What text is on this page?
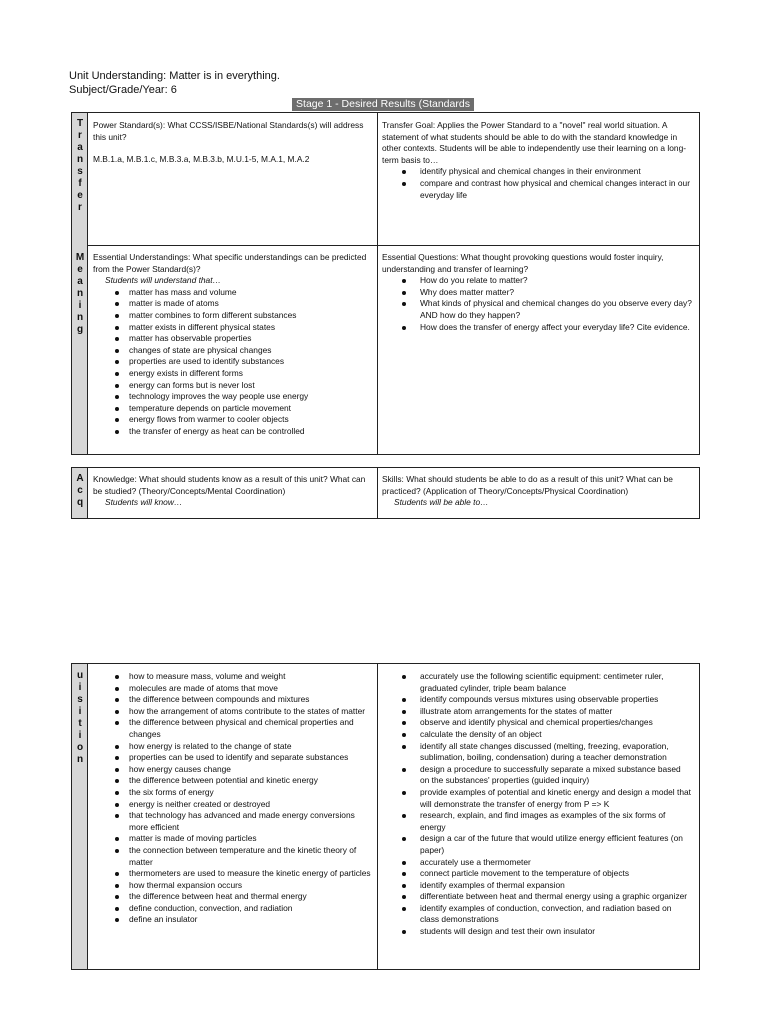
Unit Understanding: Matter is in everything.
Subject/Grade/Year: 6
Stage 1 - Desired Results (Standards
T
r
a
n
s
f
e
r
M
e
a
n
i
n
g

Power Standard(s): What CCSS/ISBE/National Standards(s) will address this unit?

M.B.1.a, M.B.1.c, M.B.3.a, M.B.3.b, M.U.1-5, M.A.1, M.A.2

Transfer Goal: Applies the Power Standard to a "novel" real world situation. A statement of what students should be able to do with the standard knowledge in other contexts. Students will be able to independently use their learning on a long-term basis to…

identify physical and chemical changes in their environment
compare and contrast how physical and chemical changes interact in our everyday life

Essential Understandings: What specific understandings can be predicted from the Power Standard(s)?

Students will understand that…

matter has mass and volume
matter is made of atoms
matter combines to form different substances
matter exists in different physical states
matter has observable properties
changes of state are physical changes
properties are used to identify substances
energy exists in different forms
energy can forms but is never lost
technology improves the way people use energy
temperature depends on particle movement
energy flows from warmer to cooler objects
the transfer of energy as heat can be controlled

Essential Questions: What thought provoking questions would foster inquiry, understanding and transfer of learning?

How do you relate to matter?
Why does matter matter?
What kinds of physical and chemical changes do you observe every day? AND how do they happen?
How does the transfer of energy affect your everyday life? Cite evidence.
A
c
q

Knowledge: What should students know as a result of this unit? What can be studied? (Theory/Concepts/Mental Coordination)

Students will know…

Skills: What should students be able to do as a result of this unit? What can be practiced? (Application of Theory/Concepts/Physical Coordination)

Students will be able to…

u
i
s
i
t
i
o
n
how to measure mass, volume and weight
molecules are made of atoms that move
the difference between compounds and mixtures
how the arrangement of atoms contribute to the states of matter
the difference between physical and chemical properties and changes
how energy is related to the change of state
properties can be used to identify and separate substances
how energy causes change
the difference between potential and kinetic energy
the six forms of energy
energy is neither created or destroyed
that technology has advanced and made energy conversions more efficient
matter is made of moving particles
the connection between temperature and the kinetic theory of matter
thermometers are used to measure the kinetic energy of particles
how thermal expansion occurs
the difference between heat and thermal energy
define conduction, convection, and radiation
define an insulator
accurately use the following scientific equipment: centimeter ruler, graduated cylinder, triple beam balance
identify compounds versus mixtures using observable properties
illustrate atom arrangements for the states of matter
observe and identify physical and chemical properties/changes
calculate the density of an object
identify all state changes discussed (melting, freezing, evaporation, sublimation, boiling, condensation) during a teacher demonstration
design a procedure to successfully separate a mixed substance based on the substances' properties (guided inquiry)
provide examples of potential and kinetic energy and design a model that will demonstrate the transfer of energy from P => K
research, explain, and find images as examples of the six forms of energy
design a car of the future that would utilize energy efficient features (on paper)
accurately use a thermometer
connect particle movement to the temperature of objects
identify examples of thermal expansion
differentiate between heat and thermal energy using a graphic organizer
identify examples of conduction, convection, and radiation based on class demonstrations
students will design and test their own insulator
